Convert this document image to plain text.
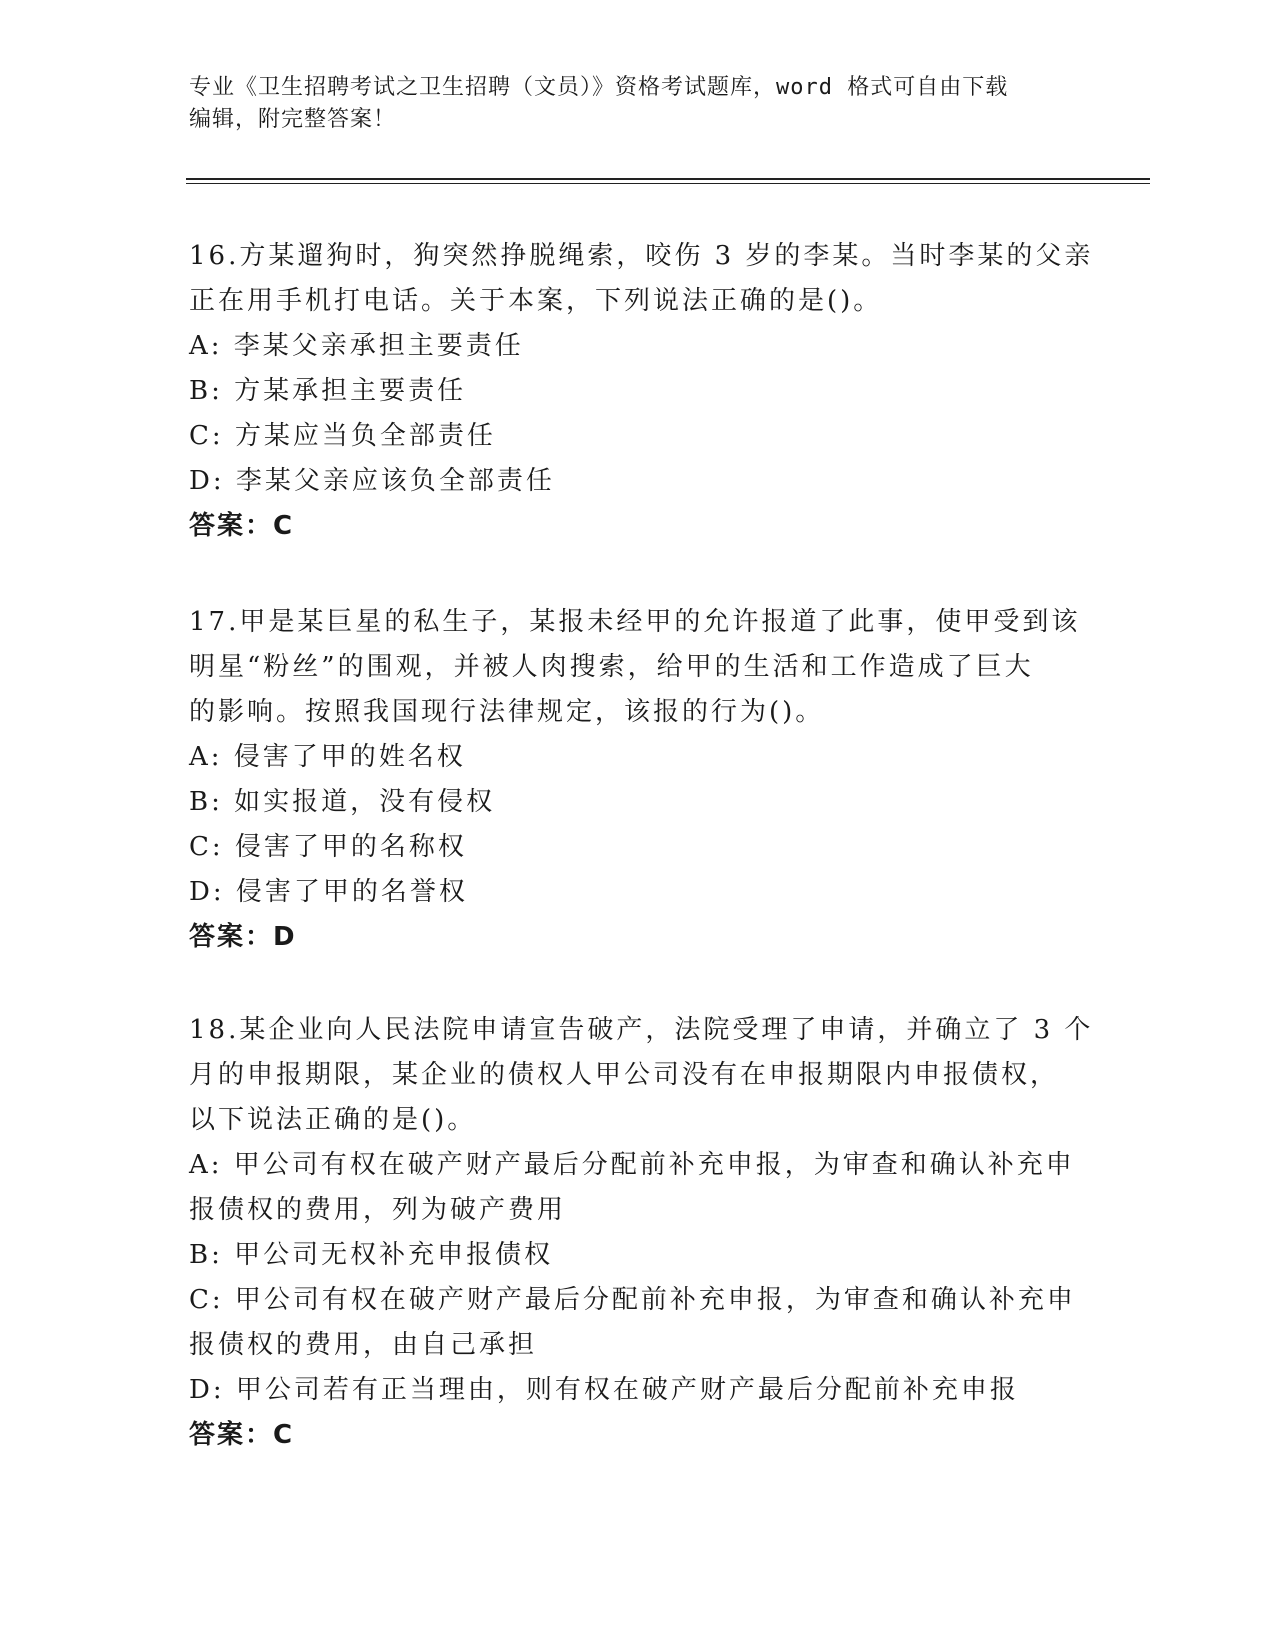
专业《卫生招聘考试之卫生招聘（文员）》资格考试题库，word 格式可自由下载
编辑，附完整答案！
16.方某遛狗时，狗突然挣脱绳索，咬伤 3 岁的李某。当时李某的父亲
正在用手机打电话。关于本案，下列说法正确的是()。
A: 李某父亲承担主要责任
B: 方某承担主要责任
C: 方某应当负全部责任
D: 李某父亲应该负全部责任
答案：C
17.甲是某巨星的私生子，某报未经甲的允许报道了此事，使甲受到该
明星“粉丝”的围观，并被人肉搜索，给甲的生活和工作造成了巨大
的影响。按照我国现行法律规定，该报的行为()。
A: 侵害了甲的姓名权
B: 如实报道，没有侵权
C: 侵害了甲的名称权
D: 侵害了甲的名誉权
答案：D
18.某企业向人民法院申请宣告破产，法院受理了申请，并确立了 3 个
月的申报期限，某企业的债权人甲公司没有在申报期限内申报债权，
以下说法正确的是()。
A: 甲公司有权在破产财产最后分配前补充申报，为审查和确认补充申
报债权的费用，列为破产费用
B: 甲公司无权补充申报债权
C: 甲公司有权在破产财产最后分配前补充申报，为审查和确认补充申
报债权的费用，由自己承担
D: 甲公司若有正当理由，则有权在破产财产最后分配前补充申报
答案：C
